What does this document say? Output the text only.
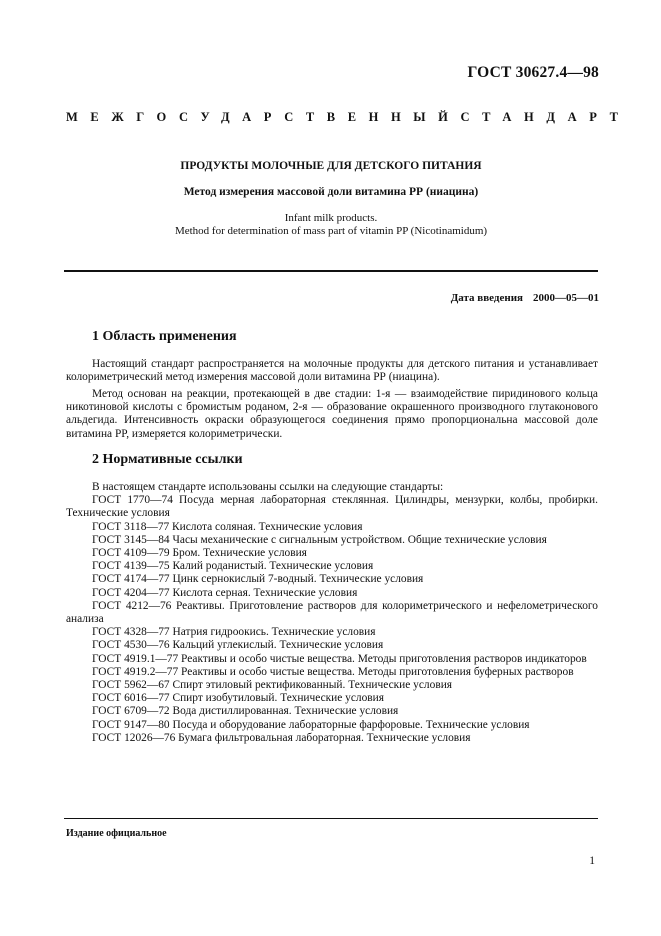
ГОСТ 30627.4—98
МЕЖГОСУДАРСТВЕННЫЙ СТАНДАРТ
ПРОДУКТЫ МОЛОЧНЫЕ ДЛЯ ДЕТСКОГО ПИТАНИЯ
Метод измерения массовой доли витамина РР (ниацина)
Infant milk products.
Method for determination of mass part of vitamin PP (Nicotinamidum)
Дата введения 2000—05—01
1 Область применения
Настоящий стандарт распространяется на молочные продукты для детского питания и устанавливает колориметрический метод измерения массовой доли витамина РР (ниацина).
Метод основан на реакции, протекающей в две стадии: 1-я — взаимодействие пиридинового кольца никотиновой кислоты с бромистым роданом, 2-я — образование окрашенного производного глутаконового альдегида. Интенсивность окраски образующегося соединения прямо пропорциональна массовой доле витамина РР, измеряется колориметрически.
2 Нормативные ссылки
В настоящем стандарте использованы ссылки на следующие стандарты:
ГОСТ 1770—74 Посуда мерная лабораторная стеклянная. Цилиндры, мензурки, колбы, пробирки. Технические условия
ГОСТ 3118—77 Кислота соляная. Технические условия
ГОСТ 3145—84 Часы механические с сигнальным устройством. Общие технические условия
ГОСТ 4109—79 Бром. Технические условия
ГОСТ 4139—75 Калий роданистый. Технические условия
ГОСТ 4174—77 Цинк сернокислый 7-водный. Технические условия
ГОСТ 4204—77 Кислота серная. Технические условия
ГОСТ 4212—76 Реактивы. Приготовление растворов для колориметрического и нефелометрического анализа
ГОСТ 4328—77 Натрия гидроокись. Технические условия
ГОСТ 4530—76 Кальций углекислый. Технические условия
ГОСТ 4919.1—77 Реактивы и особо чистые вещества. Методы приготовления растворов индикаторов
ГОСТ 4919.2—77 Реактивы и особо чистые вещества. Методы приготовления буферных растворов
ГОСТ 5962—67 Спирт этиловый ректификованный. Технические условия
ГОСТ 6016—77 Спирт изобутиловый. Технические условия
ГОСТ 6709—72 Вода дистиллированная. Технические условия
ГОСТ 9147—80 Посуда и оборудование лабораторные фарфоровые. Технические условия
ГОСТ 12026—76 Бумага фильтровальная лабораторная. Технические условия
Издание официальное
1
